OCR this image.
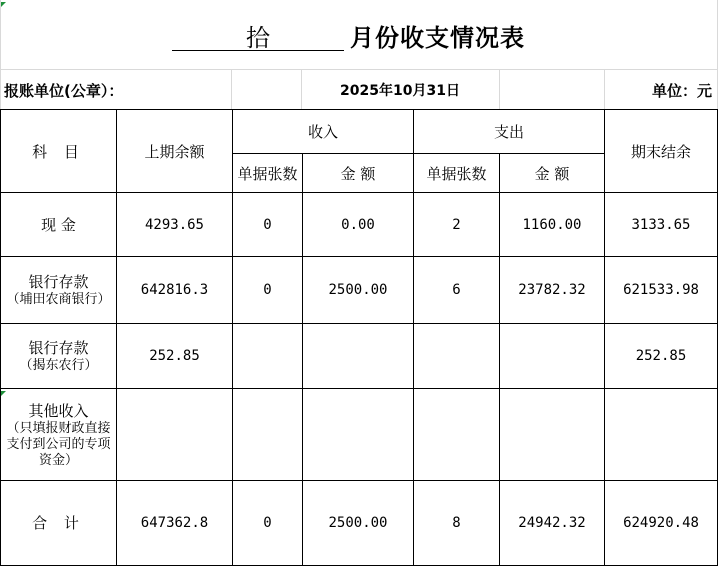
拾	月份收支情况表
报账单位(公章）：	2025年10月31日	单位：元
科 目	上期余额	收入		支出		期末结余
		单据张数	金 额	单据张数	金 额	

现 金	4293.65	0	0.00	2	1160.00	3133.65

银行存款
（埔田农商银行）	642816.3	0	2500.00	6	23782.32	621533.98

银行存款
（揭东农行）	252.85					252.85

其他收入
（只填报财政直接支付到公司的专项资金）						

合 计	647362.8	0	2500.00	8	24942.32	624920.48
